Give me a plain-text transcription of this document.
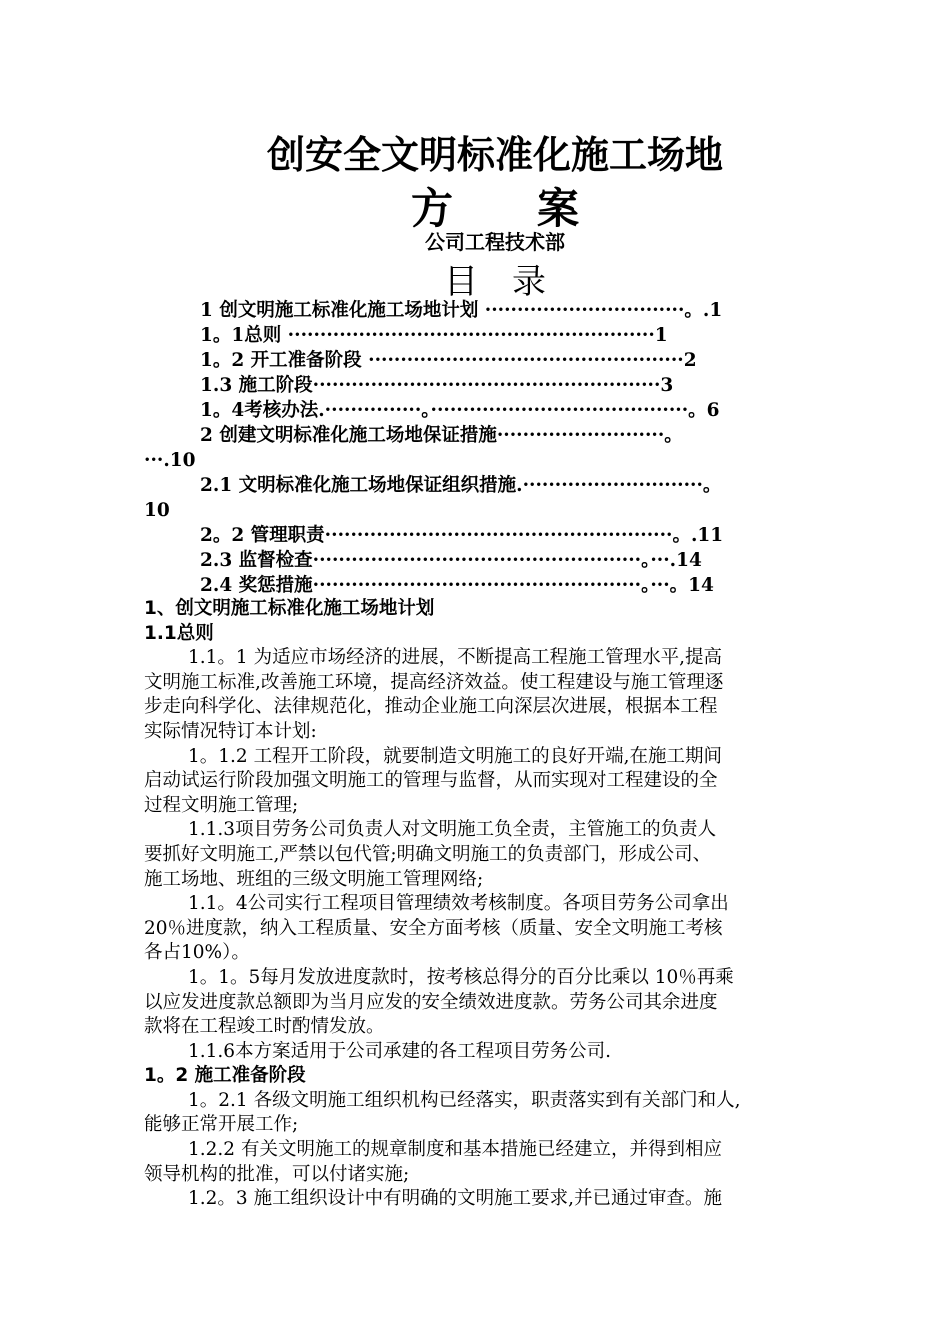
创安全文明标准化施工场地
方　　案
公司工程技术部
目　录
1 创文明施工标准化施工场地计划 ·······························。.1
1。1总则 ·························································1
1。2 开工准备阶段 ·················································2
1.3 施工阶段······················································3
1。4考核办法.···············。········································。6
2 创建文明标准化施工场地保证措施··························。
···.10
2.1 文明标准化施工场地保证组织措施.····························。
10
2。2 管理职责······················································。.11
2.3 监督检查···················································。···.14
2.4 奖惩措施···················································。···。14
1、创文明施工标准化施工场地计划
1.1总则
1.1。1 为适应市场经济的进展，不断提高工程施工管理水平,提高
文明施工标准,改善施工环境，提高经济效益。使工程建设与施工管理逐
步走向科学化、法律规范化，推动企业施工向深层次进展，根据本工程
实际情况特订本计划:
1。1.2 工程开工阶段，就要制造文明施工的良好开端,在施工期间
启动试运行阶段加强文明施工的管理与监督，从而实现对工程建设的全
过程文明施工管理;
1.1.3项目劳务公司负责人对文明施工负全责，主管施工的负责人
要抓好文明施工,严禁以包代管;明确文明施工的负责部门，形成公司、
施工场地、班组的三级文明施工管理网络;
1.1。4公司实行工程项目管理绩效考核制度。各项目劳务公司拿出
20％进度款，纳入工程质量、安全方面考核（质量、安全文明施工考核
各占10%）。
1。1。5每月发放进度款时，按考核总得分的百分比乘以 10％再乘
以应发进度款总额即为当月应发的安全绩效进度款。劳务公司其余进度
款将在工程竣工时酌情发放。
1.1.6本方案适用于公司承建的各工程项目劳务公司.
1。2 施工准备阶段
1。2.1 各级文明施工组织机构已经落实，职责落实到有关部门和人,
能够正常开展工作;
1.2.2 有关文明施工的规章制度和基本措施已经建立，并得到相应
领导机构的批准，可以付诸实施;
1.2。3 施工组织设计中有明确的文明施工要求,并已通过审查。施
